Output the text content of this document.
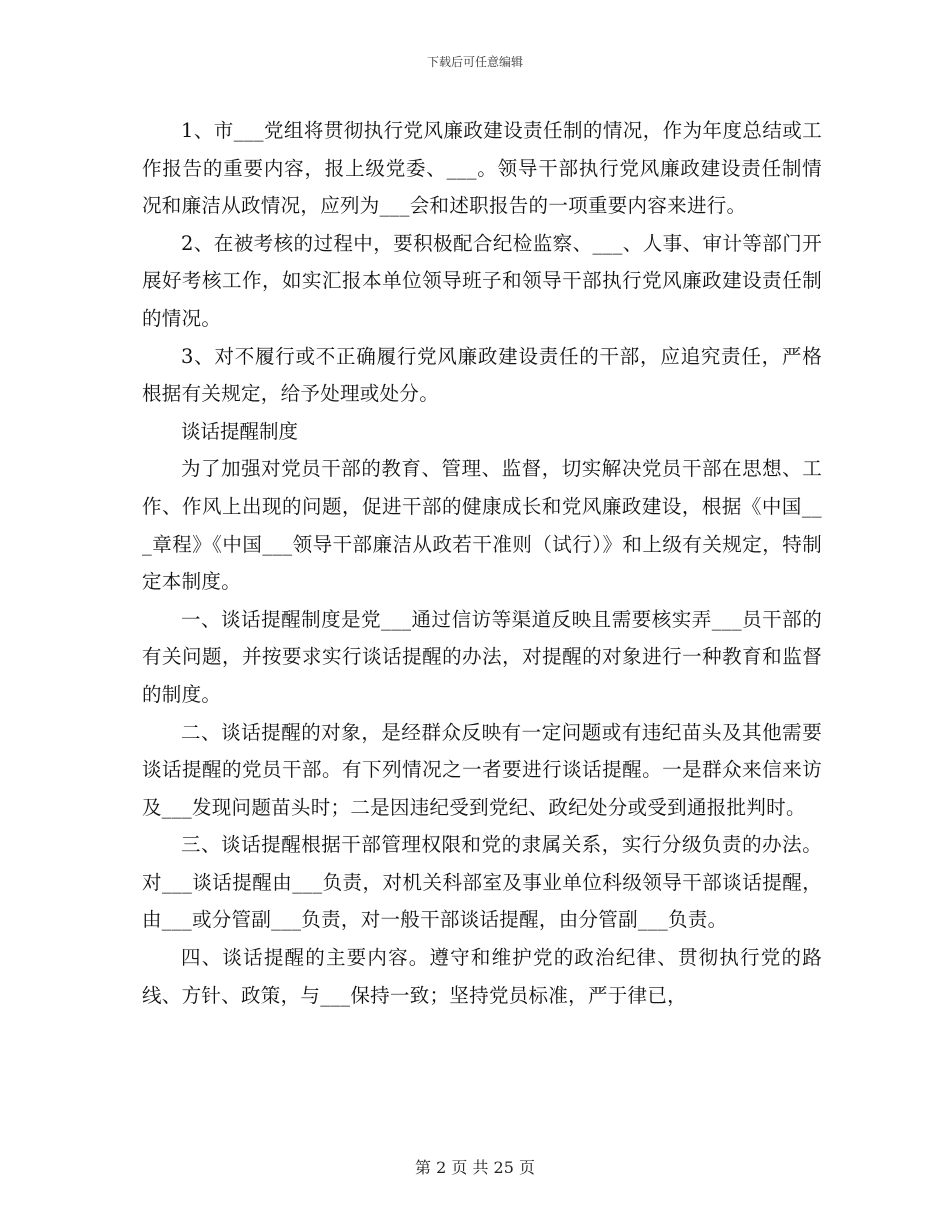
下载后可任意编辑

1、市___党组将贯彻执行党风廉政建设责任制的情况，作为年度总结或工作报告的重要内容，报上级党委、___。领导干部执行党风廉政建设责任制情况和廉洁从政情况，应列为___会和述职报告的一项重要内容来进行。

2、在被考核的过程中，要积极配合纪检监察、___、人事、审计等部门开展好考核工作，如实汇报本单位领导班子和领导干部执行党风廉政建设责任制的情况。

3、对不履行或不正确履行党风廉政建设责任的干部，应追究责任，严格根据有关规定，给予处理或处分。

谈话提醒制度

为了加强对党员干部的教育、管理、监督，切实解决党员干部在思想、工作、作风上出现的问题，促进干部的健康成长和党风廉政建设，根据《中国___章程》《中国___领导干部廉洁从政若干准则（试行）》和上级有关规定，特制定本制度。

一、谈话提醒制度是党___通过信访等渠道反映且需要核实弄___员干部的有关问题，并按要求实行谈话提醒的办法，对提醒的对象进行一种教育和监督的制度。

二、谈话提醒的对象，是经群众反映有一定问题或有违纪苗头及其他需要谈话提醒的党员干部。有下列情况之一者要进行谈话提醒。一是群众来信来访及___发现问题苗头时；二是因违纪受到党纪、政纪处分或受到通报批判时。

三、谈话提醒根据干部管理权限和党的隶属关系，实行分级负责的办法。对___谈话提醒由___负责，对机关科部室及事业单位科级领导干部谈话提醒，由___或分管副___负责，对一般干部谈话提醒，由分管副___负责。

四、谈话提醒的主要内容。遵守和维护党的政治纪律、贯彻执行党的路线、方针、政策，与___保持一致；坚持党员标准，严于律已，

第 2 页 共 25 页
